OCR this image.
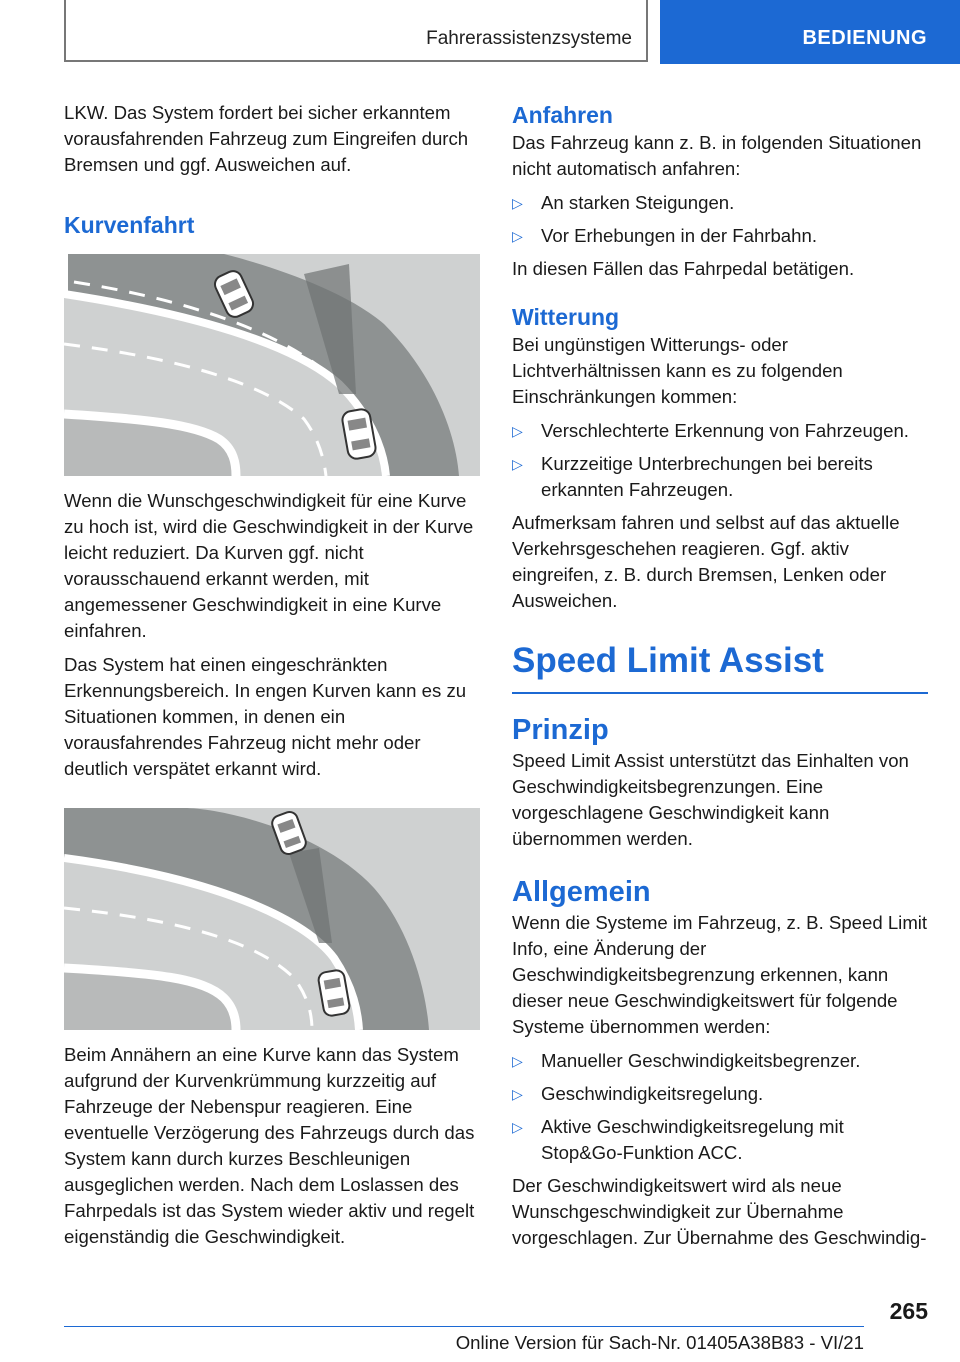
Fahrerassistenzsysteme	BEDIENUNG

LKW. Das System fordert bei sicher erkanntem vorausfahrenden Fahrzeug zum Eingreifen durch Bremsen und ggf. Ausweichen auf.

Kurvenfahrt

Wenn die Wunschgeschwindigkeit für eine Kurve zu hoch ist, wird die Geschwindigkeit in der Kurve leicht reduziert. Da Kurven ggf. nicht vorausschauend erkannt werden, mit angemessener Geschwindigkeit in eine Kurve einfahren.

Das System hat einen eingeschränkten Erkennungsbereich. In engen Kurven kann es zu Situationen kommen, in denen ein vorausfahrendes Fahrzeug nicht mehr oder deutlich verspätet erkannt wird.

Beim Annähern an eine Kurve kann das System aufgrund der Kurvenkrümmung kurzzeitig auf Fahrzeuge der Nebenspur reagieren. Eine eventuelle Verzögerung des Fahrzeugs durch das System kann durch kurzes Beschleunigen ausgeglichen werden. Nach dem Loslassen des Fahrpedals ist das System wieder aktiv und regelt eigenständig die Geschwindigkeit.

Anfahren

Das Fahrzeug kann z. B. in folgenden Situationen nicht automatisch anfahren:

▷ An starken Steigungen.
▷ Vor Erhebungen in der Fahrbahn.

In diesen Fällen das Fahrpedal betätigen.

Witterung

Bei ungünstigen Witterungs- oder Lichtverhältnissen kann es zu folgenden Einschränkungen kommen:

▷ Verschlechterte Erkennung von Fahrzeugen.
▷ Kurzzeitige Unterbrechungen bei bereits erkannten Fahrzeugen.

Aufmerksam fahren und selbst auf das aktuelle Verkehrsgeschehen reagieren. Ggf. aktiv eingreifen, z. B. durch Bremsen, Lenken oder Ausweichen.

Speed Limit Assist
Prinzip

Speed Limit Assist unterstützt das Einhalten von Geschwindigkeitsbegrenzungen. Eine vorgeschlagene Geschwindigkeit kann übernommen werden.

Allgemein

Wenn die Systeme im Fahrzeug, z. B. Speed Limit Info, eine Änderung der Geschwindigkeitsbegrenzung erkennen, kann dieser neue Geschwindigkeitswert für folgende Systeme übernommen werden:

▷ Manueller Geschwindigkeitsbegrenzer.
▷ Geschwindigkeitsregelung.
▷ Aktive Geschwindigkeitsregelung mit Stop&Go-Funktion ACC.

Der Geschwindigkeitswert wird als neue Wunschgeschwindigkeit zur Übernahme vorgeschlagen. Zur Übernahme des Geschwindig-

265
Online Version für Sach-Nr. 01405A38B83 - VI/21
